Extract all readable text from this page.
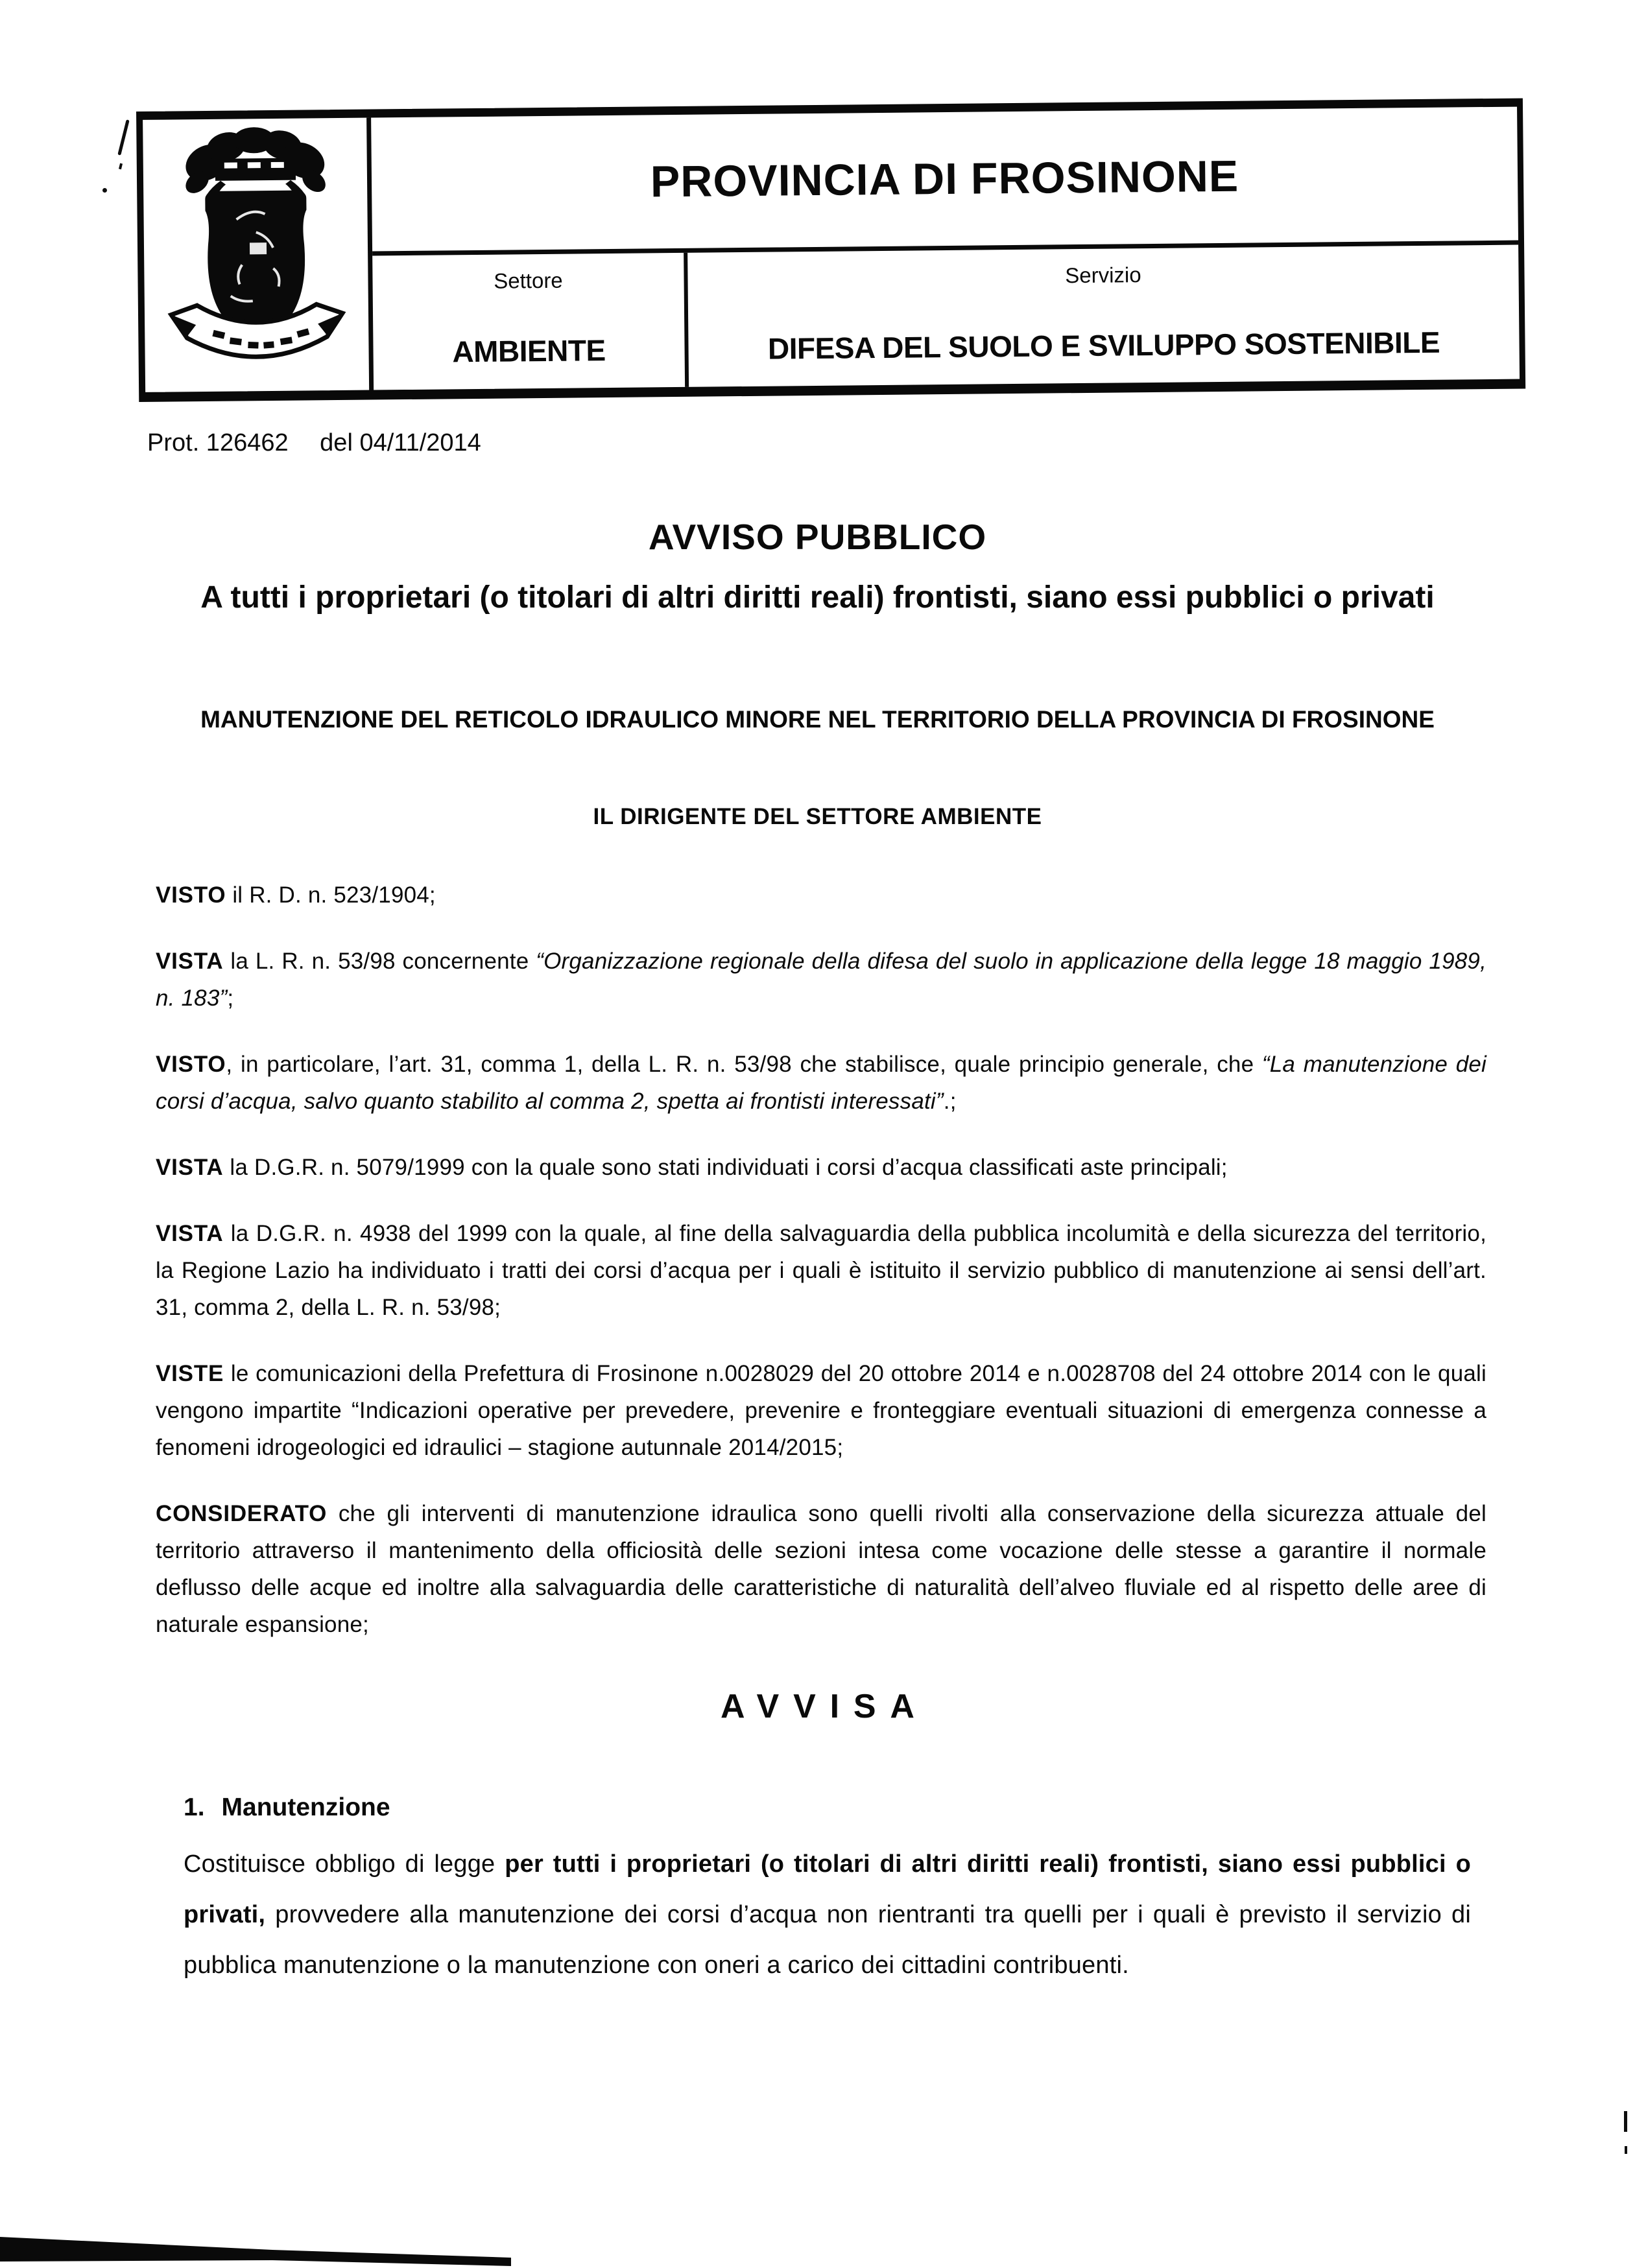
PROVINCIA DI FROSINONE
Settore
AMBIENTE
Servizio
DIFESA DEL SUOLO E SVILUPPO SOSTENIBILE
Prot. 126462 del 04/11/2014
AVVISO PUBBLICO
A tutti i proprietari (o titolari di altri diritti reali) frontisti, siano essi pubblici o privati
MANUTENZIONE DEL RETICOLO IDRAULICO MINORE NEL TERRITORIO DELLA PROVINCIA DI FROSINONE
IL DIRIGENTE DEL SETTORE AMBIENTE

VISTO il R. D. n. 523/1904;

VISTA la L. R. n. 53/98 concernente “Organizzazione regionale della difesa del suolo in applicazione della legge 18 maggio 1989, n. 183”;

VISTO, in particolare, l’art. 31, comma 1, della L. R. n. 53/98 che stabilisce, quale principio generale, che “La manutenzione dei corsi d’acqua, salvo quanto stabilito al comma 2, spetta ai frontisti interessati”.;

VISTA la D.G.R. n. 5079/1999 con la quale sono stati individuati i corsi d’acqua classificati aste principali;

VISTA la D.G.R. n. 4938 del 1999 con la quale, al fine della salvaguardia della pubblica incolumità e della sicurezza del territorio, la Regione Lazio ha individuato i tratti dei corsi d’acqua per i quali è istituito il servizio pubblico di manutenzione ai sensi dell’art. 31, comma 2, della L. R. n. 53/98;

VISTE le comunicazioni della Prefettura di Frosinone n.0028029 del 20 ottobre 2014 e n.0028708 del 24 ottobre 2014 con le quali vengono impartite “Indicazioni operative per prevedere, prevenire e fronteggiare eventuali situazioni di emergenza connesse a fenomeni idrogeologici ed idraulici – stagione autunnale 2014/2015;

CONSIDERATO che gli interventi di manutenzione idraulica sono quelli rivolti alla conservazione della sicurezza attuale del territorio attraverso il mantenimento della officiosità delle sezioni intesa come vocazione delle stesse a garantire il normale deflusso delle acque ed inoltre alla salvaguardia delle caratteristiche di naturalità dell’alveo fluviale ed al rispetto delle aree di naturale espansione;

AVVISA
1. Manutenzione
Costituisce obbligo di legge per tutti i proprietari (o titolari di altri diritti reali) frontisti, siano essi pubblici o privati, provvedere alla manutenzione dei corsi d’acqua non rientranti tra quelli per i quali è previsto il servizio di pubblica manutenzione o la manutenzione con oneri a carico dei cittadini contribuenti.
